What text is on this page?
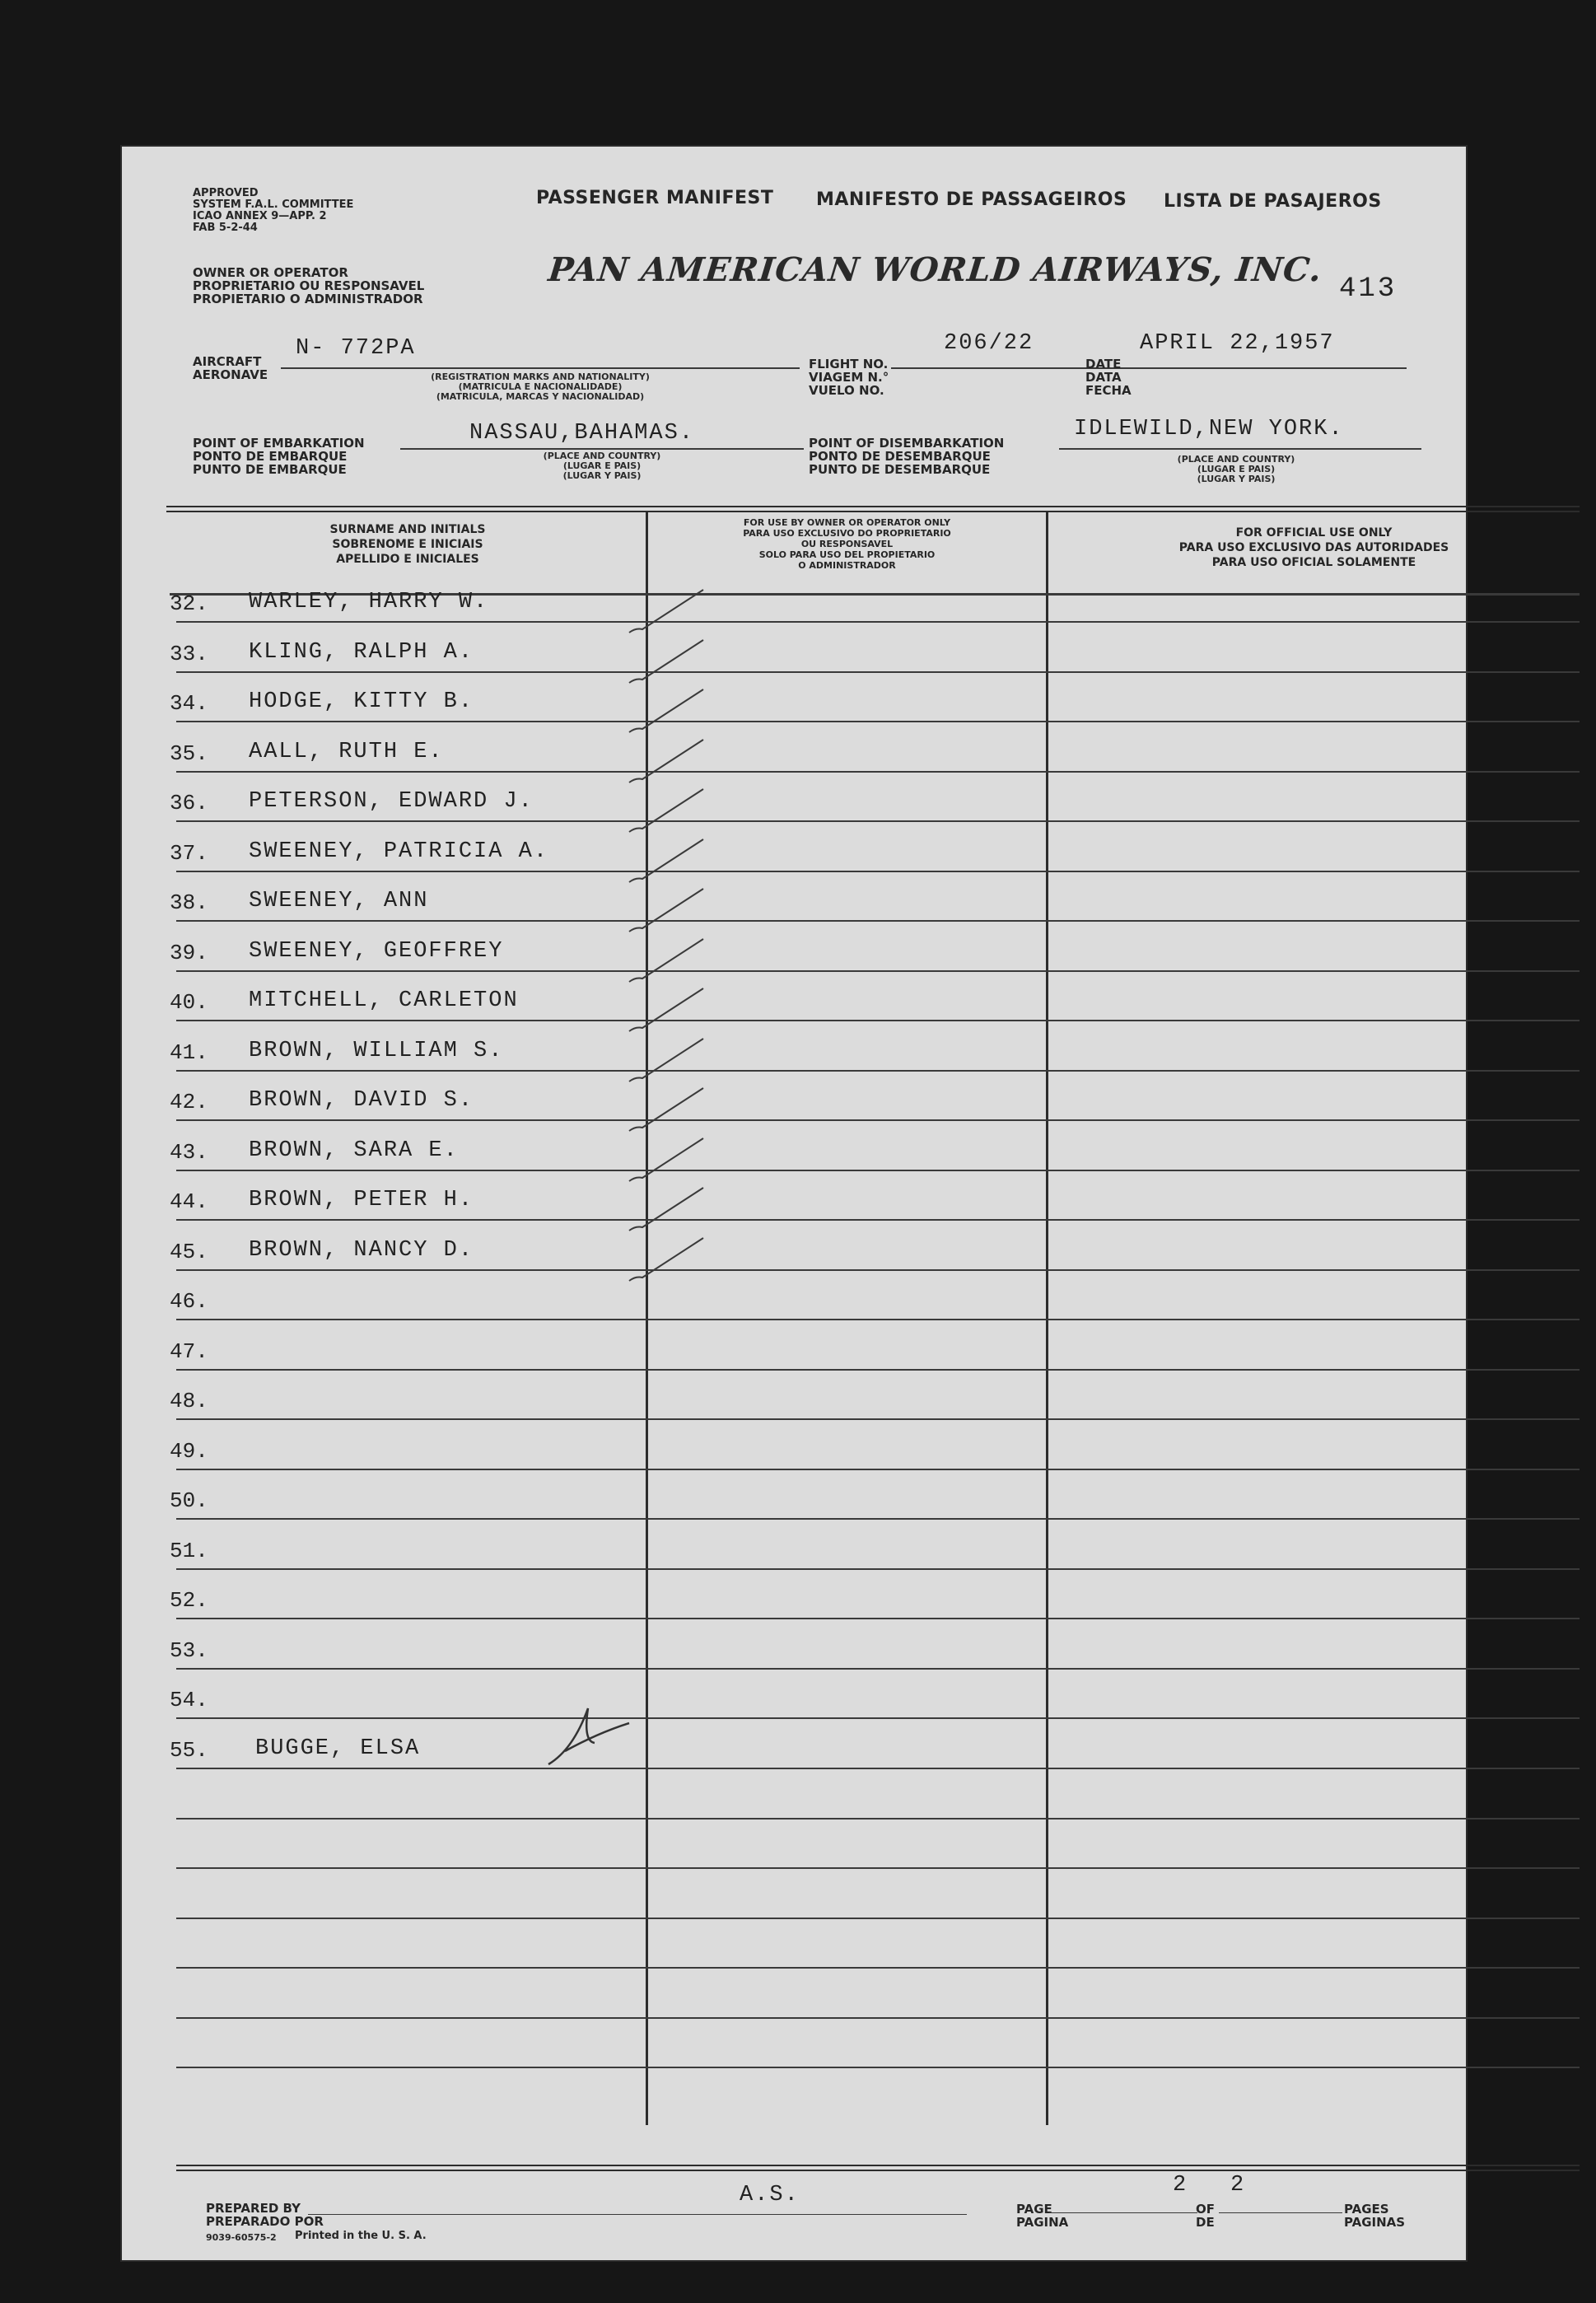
APPROVED
SYSTEM F.A.L. COMMITTEE
ICAO ANNEX 9—APP. 2
FAB 5-2-44
PASSENGER MANIFEST MANIFESTO DE PASSAGEIROS LISTA DE PASAJEROS
OWNER OR OPERATOR
PROPRIETARIO OU RESPONSAVEL
PROPIETARIO O ADMINISTRADOR
PAN AMERICAN WORLD AIRWAYS, INC. 413
AIRCRAFT
AERONAVE
N- 772PA
(REGISTRATION MARKS AND NATIONALITY)
(MATRICULA E NACIONALIDADE)
(MATRICULA, MARCAS Y NACIONALIDAD)
FLIGHT NO.
VIAGEM N.°
VUELO NO.
206/22
DATE
DATA
FECHA
APRIL 22,1957
POINT OF EMBARKATION
PONTO DE EMBARQUE
PUNTO DE EMBARQUE
NASSAU,BAHAMAS.
(PLACE AND COUNTRY)
(LUGAR E PAIS)
(LUGAR Y PAIS)
POINT OF DISEMBARKATION
PONTO DE DESEMBARQUE
PUNTO DE DESEMBARQUE
IDLEWILD,NEW YORK.
(PLACE AND COUNTRY)
(LUGAR E PAIS)
(LUGAR Y PAIS)
SURNAME AND INITIALS
SOBRENOME E INICIAIS
APELLIDO E INICIALES
FOR USE BY OWNER OR OPERATOR ONLY
PARA USO EXCLUSIVO DO PROPRIETARIO
OU RESPONSAVEL
SOLO PARA USO DEL PROPIETARIO
O ADMINISTRADOR
FOR OFFICIAL USE ONLY
PARA USO EXCLUSIVO DAS AUTORIDADES
PARA USO OFICIAL SOLAMENTE
32. WARLEY, HARRY W.
33. KLING, RALPH A.
34. HODGE, KITTY B.
35. AALL, RUTH E.
36. PETERSON, EDWARD J.
37. SWEENEY, PATRICIA A.
38. SWEENEY, ANN
39. SWEENEY, GEOFFREY
40. MITCHELL, CARLETON
41. BROWN, WILLIAM S.
42. BROWN, DAVID S.
43. BROWN, SARA E.
44. BROWN, PETER H.
45. BROWN, NANCY D.
46.
47.
48.
49.
50.
51.
52.
53.
54.
55. BUGGE, ELSA
PREPARED BY
PREPARADO POR
A.S.
9039-60575-2 Printed in the U. S. A.
PAGE
PAGINA
2
OF
DE
2
PAGES
PAGINAS
